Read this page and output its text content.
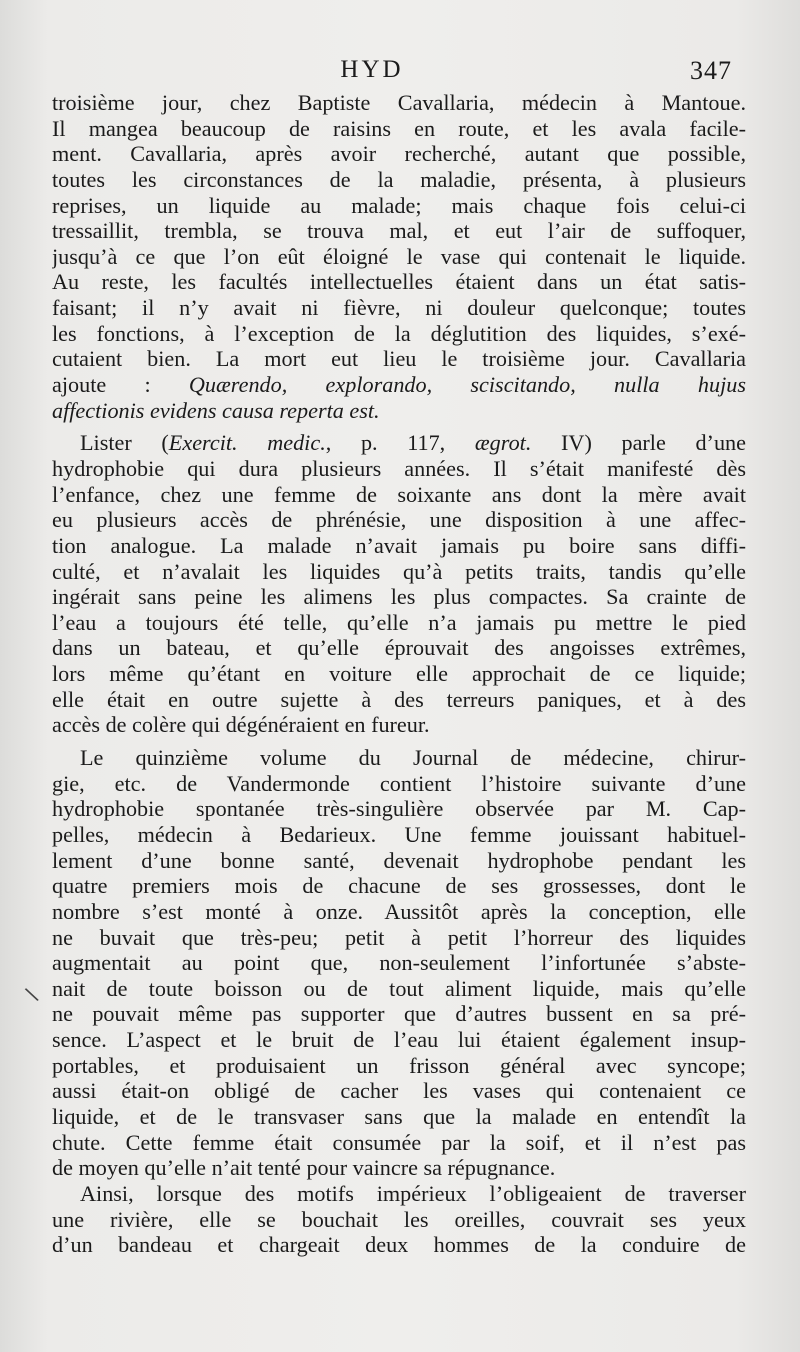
HYD	347
\
troisième jour, chez Baptiste Cavallaria, médecin à Mantoue.
Il mangea beaucoup de raisins en route, et les avala facile-
ment. Cavallaria, après avoir recherché, autant que possible,
toutes les circonstances de la maladie, présenta, à plusieurs
reprises, un liquide au malade; mais chaque fois celui-ci
tressaillit, trembla, se trouva mal, et eut l’air de suffoquer,
jusqu’à ce que l’on eût éloigné le vase qui contenait le liquide.
Au reste, les facultés intellectuelles étaient dans un état satis-
faisant; il n’y avait ni fièvre, ni douleur quelconque; toutes
les fonctions, à l’exception de la déglutition des liquides, s’exé-
cutaient bien. La mort eut lieu le troisième jour. Cavallaria
ajoute : Quærendo, explorando, sciscitando, nulla hujus
affectionis evidens causa reperta est.
Lister (Exercit. medic., p. 117, ægrot. IV) parle d’une
hydrophobie qui dura plusieurs années. Il s’était manifesté dès
l’enfance, chez une femme de soixante ans dont la mère avait
eu plusieurs accès de phrénésie, une disposition à une affec-
tion analogue. La malade n’avait jamais pu boire sans diffi-
culté, et n’avalait les liquides qu’à petits traits, tandis qu’elle
ingérait sans peine les alimens les plus compactes. Sa crainte de
l’eau a toujours été telle, qu’elle n’a jamais pu mettre le pied
dans un bateau, et qu’elle éprouvait des angoisses extrêmes,
lors même qu’étant en voiture elle approchait de ce liquide;
elle était en outre sujette à des terreurs paniques, et à des
accès de colère qui dégénéraient en fureur.
Le quinzième volume du Journal de médecine, chirur-
gie, etc. de Vandermonde contient l’histoire suivante d’une
hydrophobie spontanée très-singulière observée par M. Cap-
pelles, médecin à Bedarieux. Une femme jouissant habituel-
lement d’une bonne santé, devenait hydrophobe pendant les
quatre premiers mois de chacune de ses grossesses, dont le
nombre s’est monté à onze. Aussitôt après la conception, elle
ne buvait que très-peu; petit à petit l’horreur des liquides
augmentait au point que, non-seulement l’infortunée s’abste-
nait de toute boisson ou de tout aliment liquide, mais qu’elle
ne pouvait même pas supporter que d’autres bussent en sa pré-
sence. L’aspect et le bruit de l’eau lui étaient également insup-
portables, et produisaient un frisson général avec syncope;
aussi était-on obligé de cacher les vases qui contenaient ce
liquide, et de le transvaser sans que la malade en entendît la
chute. Cette femme était consumée par la soif, et il n’est pas
de moyen qu’elle n’ait tenté pour vaincre sa répugnance.
Ainsi, lorsque des motifs impérieux l’obligeaient de traverser
une rivière, elle se bouchait les oreilles, couvrait ses yeux
d’un bandeau et chargeait deux hommes de la conduire de
